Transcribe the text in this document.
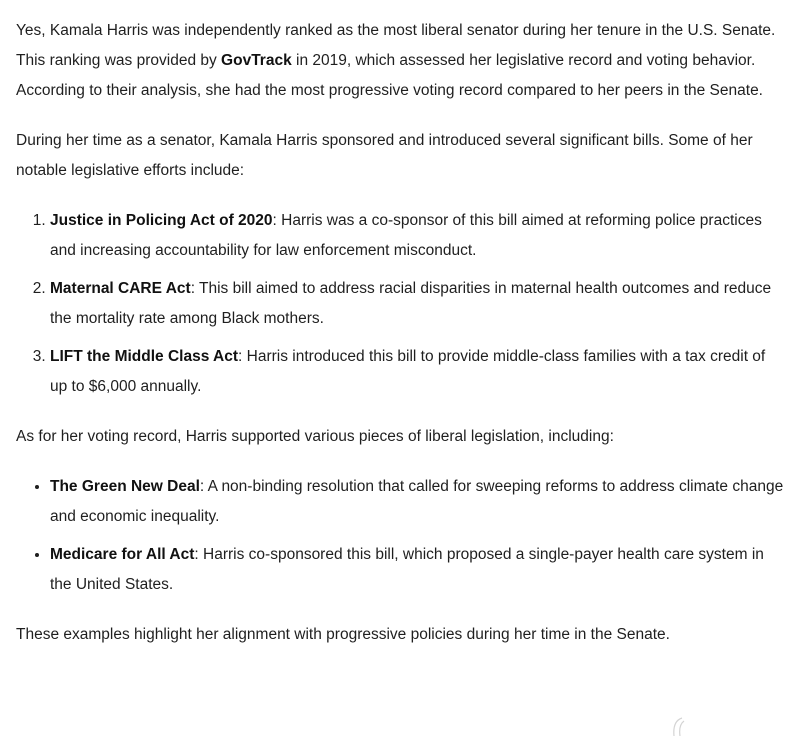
Yes, Kamala Harris was independently ranked as the most liberal senator during her tenure in the U.S. Senate. This ranking was provided by GovTrack in 2019, which assessed her legislative record and voting behavior. According to their analysis, she had the most progressive voting record compared to her peers in the Senate.

During her time as a senator, Kamala Harris sponsored and introduced several significant bills. Some of her notable legislative efforts include:

1. Justice in Policing Act of 2020: Harris was a co-sponsor of this bill aimed at reforming police practices and increasing accountability for law enforcement misconduct.
2. Maternal CARE Act: This bill aimed to address racial disparities in maternal health outcomes and reduce the mortality rate among Black mothers.
3. LIFT the Middle Class Act: Harris introduced this bill to provide middle-class families with a tax credit of up to $6,000 annually.

As for her voting record, Harris supported various pieces of liberal legislation, including:

• The Green New Deal: A non-binding resolution that called for sweeping reforms to address climate change and economic inequality.
• Medicare for All Act: Harris co-sponsored this bill, which proposed a single-payer health care system in the United States.

These examples highlight her alignment with progressive policies during her time in the Senate.
